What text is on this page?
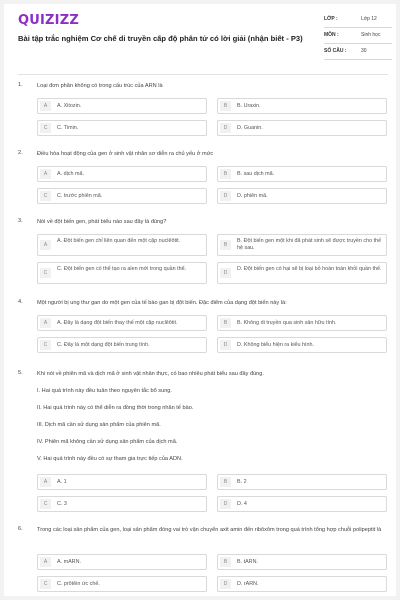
QUIZIZZ
Bài tập trắc nghiệm Cơ chế di truyền cấp độ phân tử có lời giải (nhận biết - P3)
LỚP :	Lớp 12
MÔN :	Sinh học
SỐ CÂU :	30
1.	Loại đơn phân không có trong cấu trúc của ARN là
A	A. Xitozin.	B	B. Uraxin.
C	C. Timin.	D	D. Guanin.
2.	Điều hòa hoạt động của gen ở sinh vật nhân sơ diễn ra chủ yếu ở mức
A	A. dịch mã.	B	B. sau dịch mã.
C	C. trước phiên mã.	D	D. phiên mã.
3.	Nói về đột biến gen, phát biểu nào sau đây là đúng?
A
A. Đột biến gen chỉ liên quan đến một cặp nuclêôtit.
B
B. Đột biến gen một khi đã phát sinh sẽ được truyền cho thế hệ sau.
C
C. Đột biến gen có thể tạo ra alen mới trong quần thể.
D
D. Đột biến gen có hại sẽ bị loại bỏ hoàn toàn khỏi quần thể.
4.	Một người bị ung thư gan do một gen của tế bào gan bị đột biến. Đặc điểm của dạng đột biến này là:
A	A. Đây là dạng đột biến thay thế một cặp nuclêôtit.	B	B. Không di truyền qua sinh sản hữu tính.
C	C. Đây là một dạng đột biến trung tính.	D	D. Không biểu hiện ra kiểu hình.
5.	Khi nói về phiên mã và dịch mã ở sinh vật nhân thực, có bao nhiêu phát biểu sau đây đúng.
I. Hai quá trình này đều tuân theo nguyên tắc bổ sung.
II. Hai quá trình này có thể diễn ra đồng thời trong nhân tế bào.
III. Dịch mã cần sử dụng sản phẩm của phiên mã.
IV. Phiên mã không cần sử dụng sản phẩm của dịch mã.
V. Hai quá trình này đều có sự tham gia trực tiếp của ADN.
A	A. 1	B	B. 2
C	C. 3	D	D. 4
6.	Trong các loại sản phẩm của gen, loại sản phẩm đóng vai trò vận chuyển axit amin đến ribôxôm trong quá trình tổng hợp chuỗi polipeptit là
A	A. mARN.	B	B. tARN.
C	C. prôtêin ức chế.	D	D. rARN.
